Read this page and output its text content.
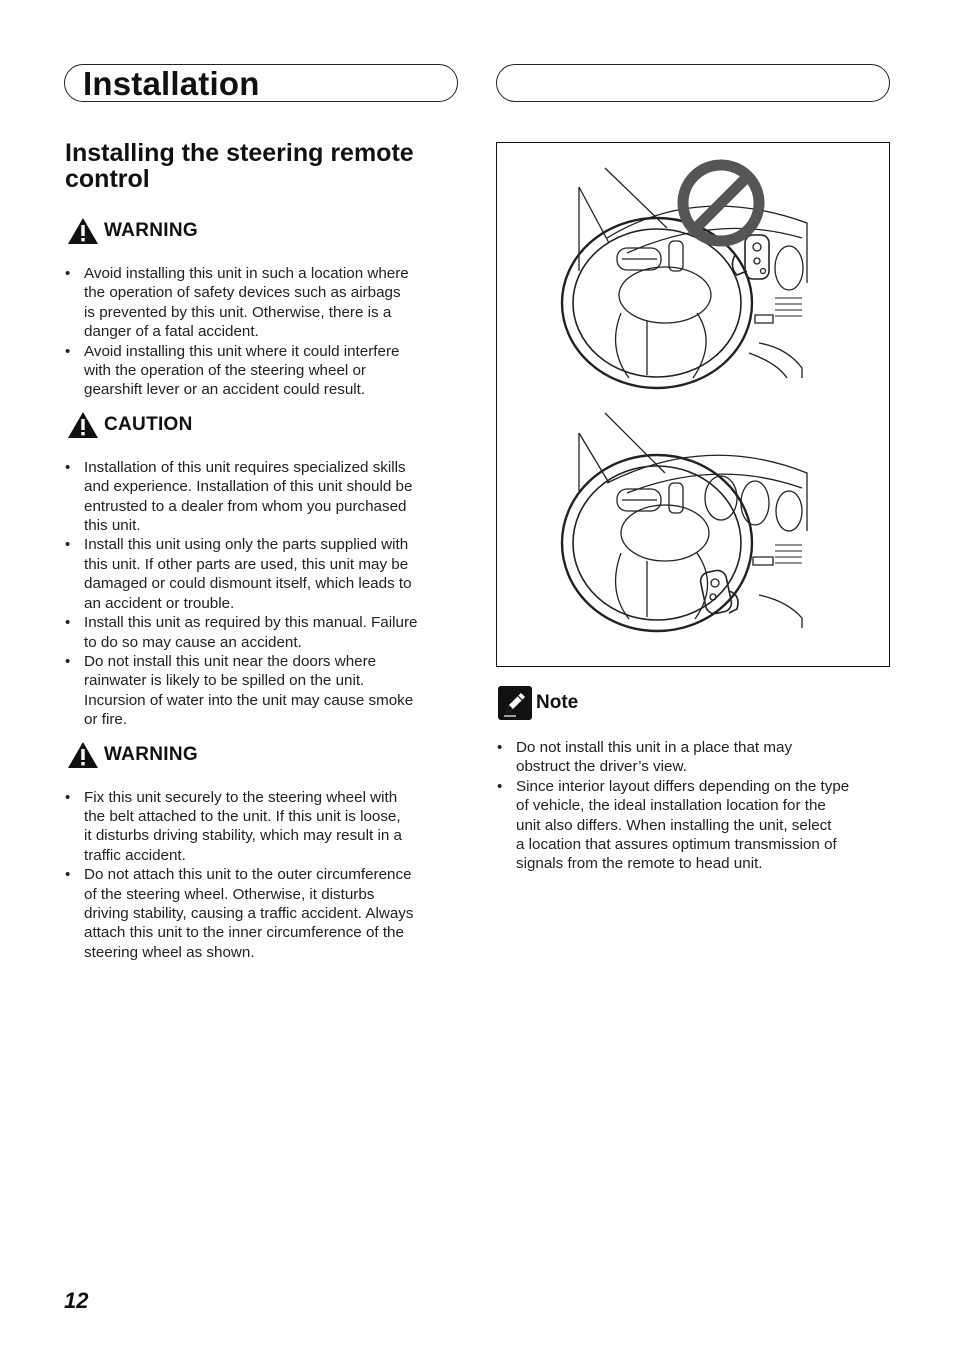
Installation
Installing the steering remote
control
WARNING
• Avoid installing this unit in such a location where
the operation of safety devices such as airbags
is prevented by this unit. Otherwise, there is a
danger of a fatal accident.
• Avoid installing this unit where it could interfere
with the operation of the steering wheel or
gearshift lever or an accident could result.
CAUTION
• Installation of this unit requires specialized skills
and experience. Installation of this unit should be
entrusted to a dealer from whom you purchased
this unit.
• Install this unit using only the parts supplied with
this unit. If other parts are used, this unit may be
damaged or could dismount itself, which leads to
an accident or trouble.
• Install this unit as required by this manual. Failure
to do so may cause an accident.
• Do not install this unit near the doors where
rainwater is likely to be spilled on the unit.
Incursion of water into the unit may cause smoke
or fire.
WARNING
• Fix this unit securely to the steering wheel with
the belt attached to the unit. If this unit is loose,
it disturbs driving stability, which may result in a
traffic accident.
• Do not attach this unit to the outer circumference
of the steering wheel. Otherwise, it disturbs
driving stability, causing a traffic accident. Always
attach this unit to the inner circumference of the
steering wheel as shown.
Note
• Do not install this unit in a place that may
obstruct the driver’s view.
• Since interior layout differs depending on the type
of vehicle, the ideal installation location for the
unit also differs. When installing the unit, select
a location that assures optimum transmission of
signals from the remote to head unit.
12
